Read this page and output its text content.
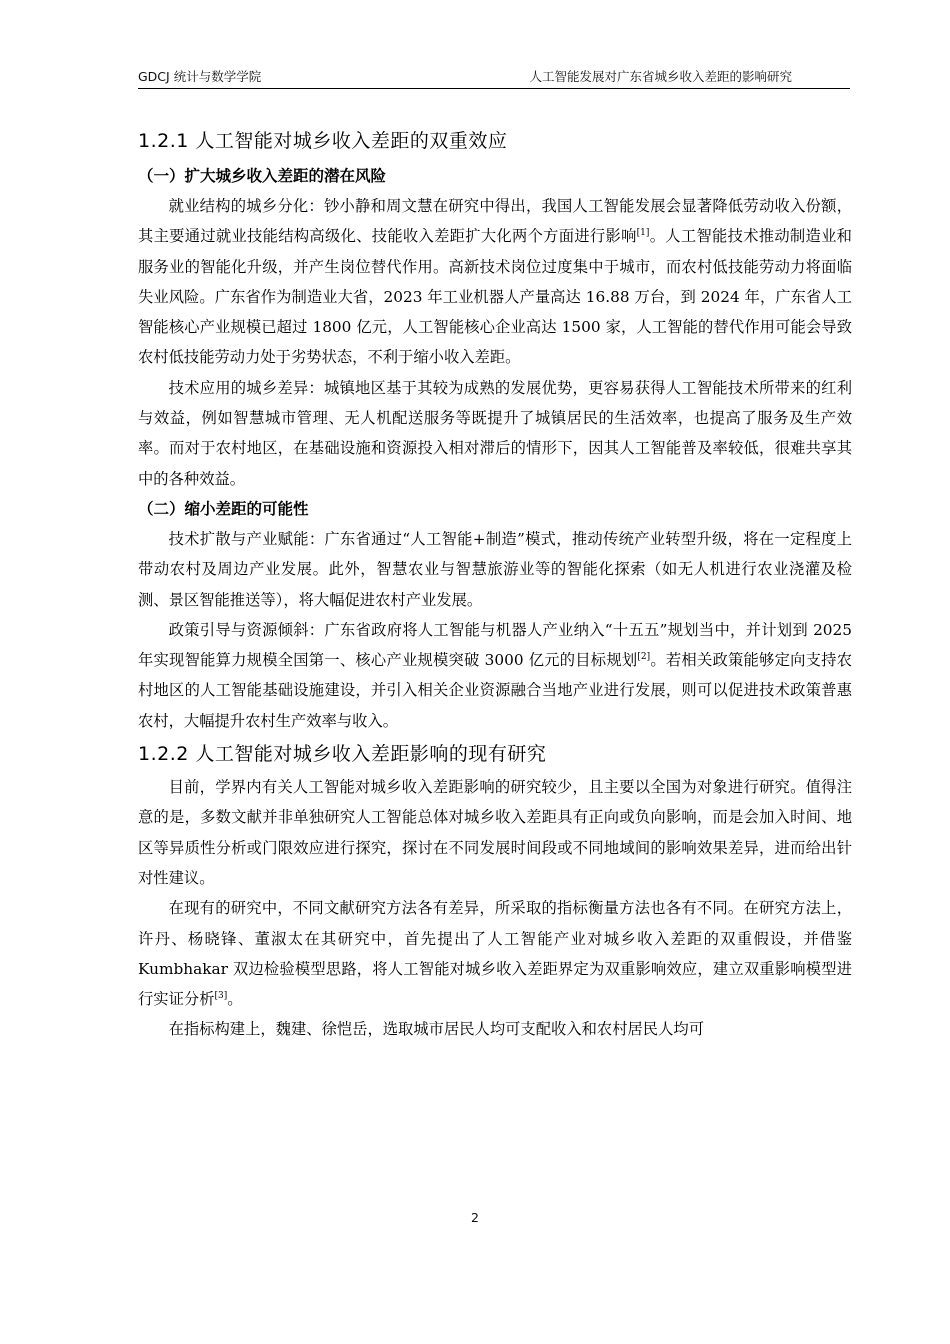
GDCJ 统计与数学学院	人工智能发展对广东省城乡收入差距的影响研究
1.2.1 人工智能对城乡收入差距的双重效应
（一）扩大城乡收入差距的潜在风险

就业结构的城乡分化：钞小静和周文慧在研究中得出，我国人工智能发展会显著降低劳动收入份额，其主要通过就业技能结构高级化、技能收入差距扩大化两个方面进行影响[1]。人工智能技术推动制造业和服务业的智能化升级，并产生岗位替代作用。高新技术岗位过度集中于城市，而农村低技能劳动力将面临失业风险。广东省作为制造业大省，2023 年工业机器人产量高达 16.88 万台，到 2024 年，广东省人工智能核心产业规模已超过 1800 亿元，人工智能核心企业高达 1500 家，人工智能的替代作用可能会导致农村低技能劳动力处于劣势状态，不利于缩小收入差距。

技术应用的城乡差异：城镇地区基于其较为成熟的发展优势，更容易获得人工智能技术所带来的红利与效益，例如智慧城市管理、无人机配送服务等既提升了城镇居民的生活效率，也提高了服务及生产效率。而对于农村地区，在基础设施和资源投入相对滞后的情形下，因其人工智能普及率较低，很难共享其中的各种效益。

（二）缩小差距的可能性

技术扩散与产业赋能：广东省通过“人工智能+制造”模式，推动传统产业转型升级，将在一定程度上带动农村及周边产业发展。此外，智慧农业与智慧旅游业等的智能化探索（如无人机进行农业浇灌及检测、景区智能推送等），将大幅促进农村产业发展。

政策引导与资源倾斜：广东省政府将人工智能与机器人产业纳入“十五五”规划当中，并计划到 2025 年实现智能算力规模全国第一、核心产业规模突破 3000 亿元的目标规划[2]。若相关政策能够定向支持农村地区的人工智能基础设施建设，并引入相关企业资源融合当地产业进行发展，则可以促进技术政策普惠农村，大幅提升农村生产效率与收入。

1.2.2 人工智能对城乡收入差距影响的现有研究

目前，学界内有关人工智能对城乡收入差距影响的研究较少，且主要以全国为对象进行研究。值得注意的是，多数文献并非单独研究人工智能总体对城乡收入差距具有正向或负向影响，而是会加入时间、地区等异质性分析或门限效应进行探究，探讨在不同发展时间段或不同地域间的影响效果差异，进而给出针对性建议。

在现有的研究中，不同文献研究方法各有差异，所采取的指标衡量方法也各有不同。在研究方法上，许丹、杨晓锋、董淑太在其研究中，首先提出了人工智能产业对城乡收入差距的双重假设，并借鉴 Kumbhakar 双边检验模型思路，将人工智能对城乡收入差距界定为双重影响效应，建立双重影响模型进行实证分析[3]。

在指标构建上，魏建、徐恺岳，选取城市居民人均可支配收入和农村居民人均可

2
